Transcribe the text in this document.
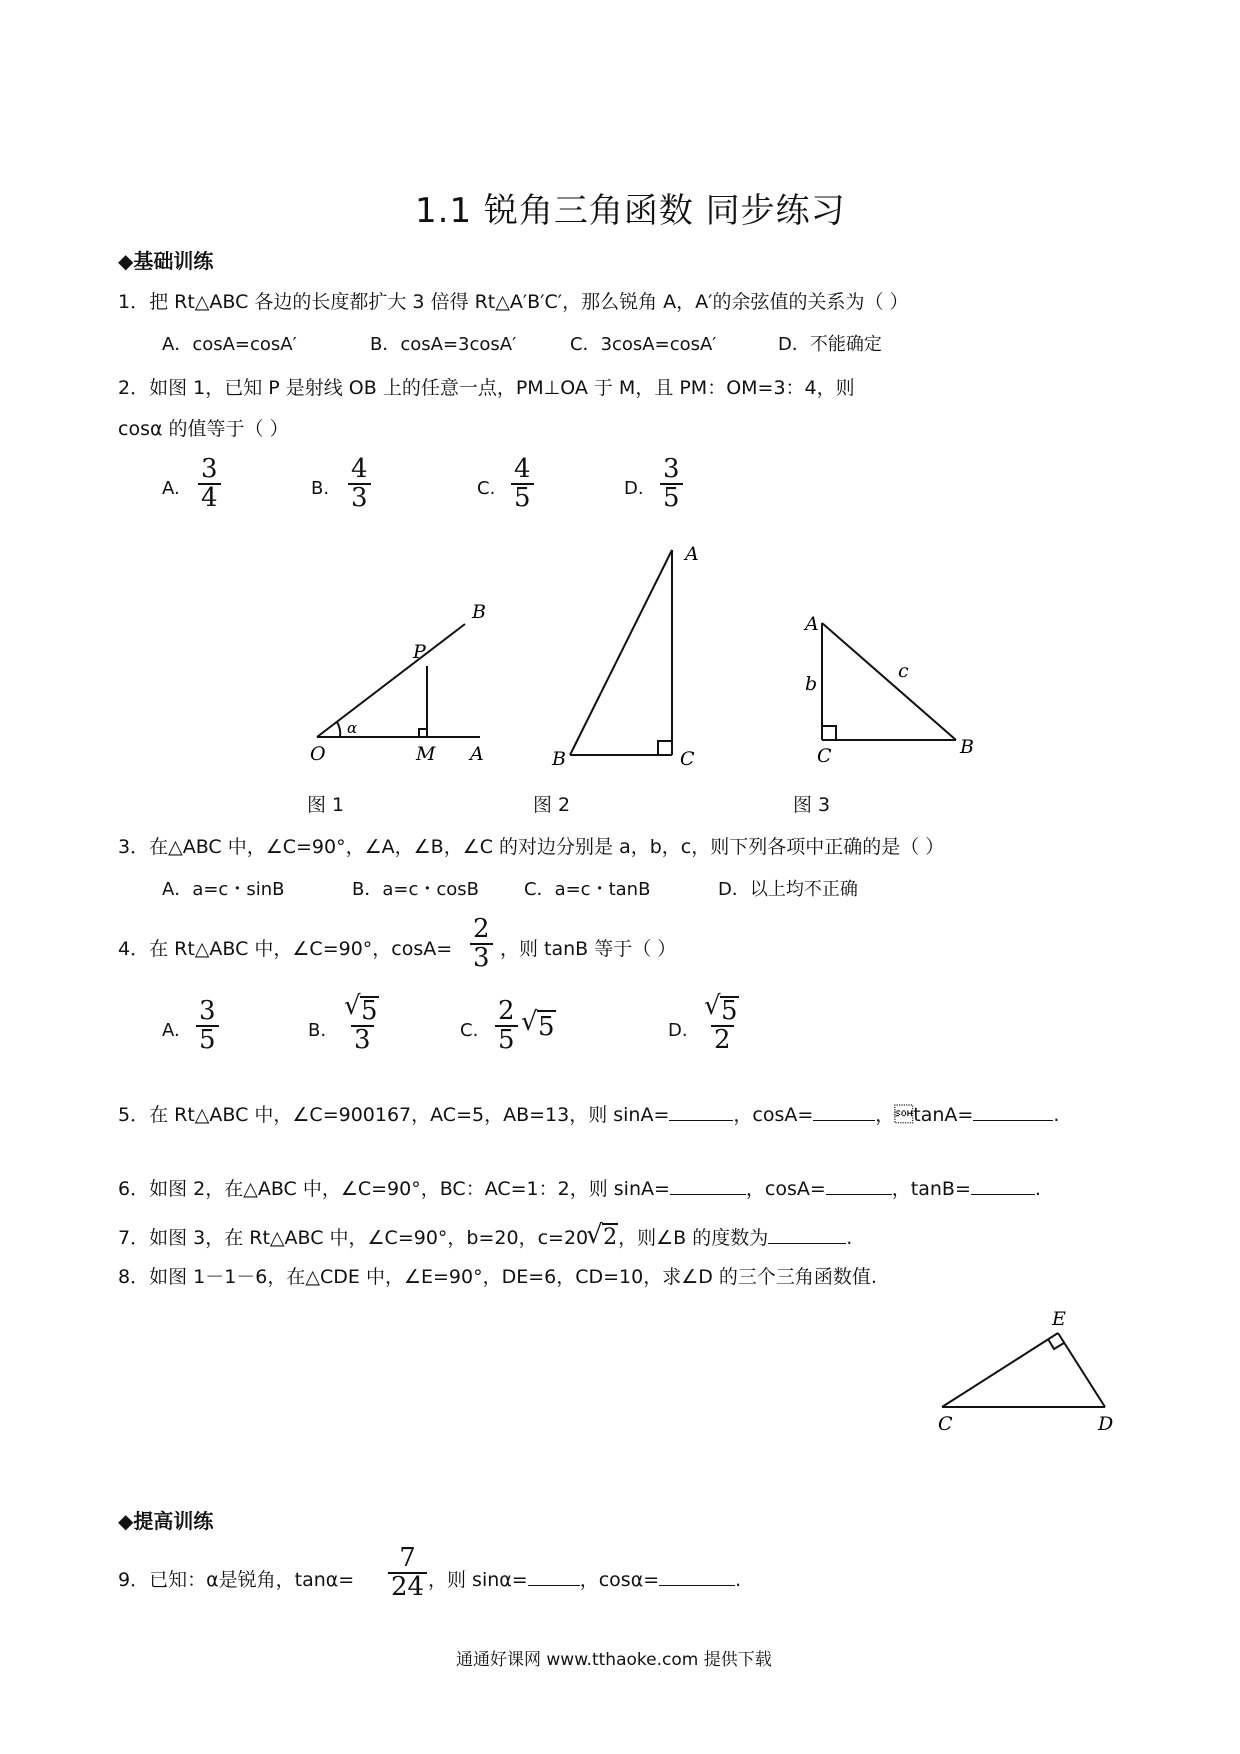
1.1 锐角三角函数 同步练习
◆基础训练
1．把 Rt△ABC 各边的长度都扩大 3 倍得 Rt△A′B′C′，那么锐角 A，A′的余弦值的关系为（ ）
A．cosA=cosA′	B．cosA=3cosA′	C．3cosA=cosA′	D．不能确定
2．如图 1，已知 P 是射线 OB 上的任意一点，PM⊥OA 于 M，且 PM：OM=3：4，则
cosα 的值等于（ ）
A. $\frac{3}{4}$	B. $\frac{4}{3}$	C. $\frac{4}{5}$	D. $\frac{3}{5}$
B
P
O
α
M A
A
B	C
A
b
c
C	B
图 1	图 2	图 3
3．在△ABC 中，∠C=90°，∠A，∠B，∠C 的对边分别是 a，b，c，则下列各项中正确的是（ ）
A．a=c・sinB	B．a=c・cosB	C．a=c・tanB	D．以上均不正确
4．在 Rt△ABC 中，∠C=90°，$\cos A= \frac{2}{3}$ ，则 tanB 等于（ ）
A. $\frac{3}{5}$	B. √ $\frac{5}{3}$	C. $\frac{2}{5}$ √ 5	D. √ $\frac{5}{2}$
5．在 Rt△ABC 中，∠C=900167，AC=5，AB=13，则 sinA=	，cosA=	，tanA=	.
6．如图 2，在△ABC 中，∠C=90°，BC：AC=1：2，则 sinA=	，cosA=	，tanB=	.
7．如图 3，在 Rt△ABC 中，∠C=90°，b=20，c=20 √ 2，则∠B 的度数为	.
8．如图 1－1－6，在△CDE 中，∠E=90°，DE=6，CD=10，求∠D 的三个三角函数值.
E
C	D
◆提高训练
9．已知：α是锐角，$\tan\alpha= \frac{7}{24}$ ，则 sinα=	，cosα=	.
通通好课网 www.tthaoke.com 提供下载
